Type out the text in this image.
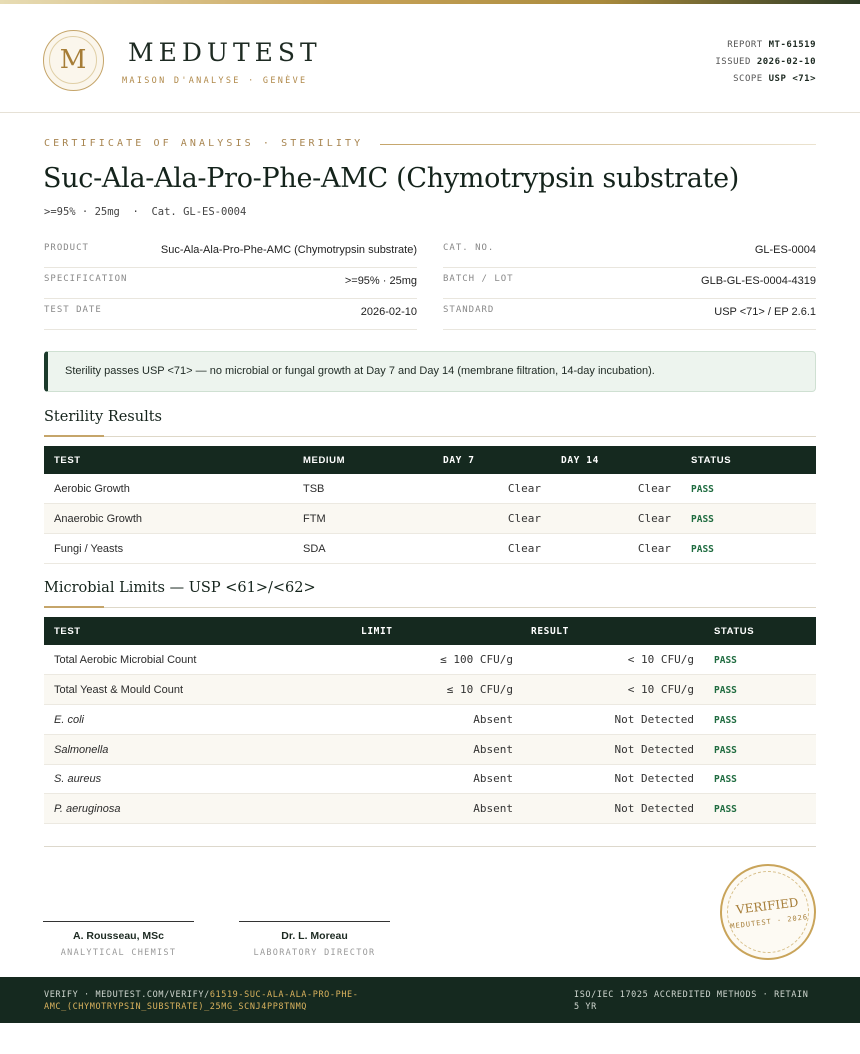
M	MEDUTEST
MAISON D'ANALYSE · GENÈVE
REPORT MT-61519
ISSUED 2026-02-10
SCOPE USP <71>
CERTIFICATE OF ANALYSIS · STERILITY
Suc-Ala-Ala-Pro-Phe-AMC (Chymotrypsin substrate)
>=95% · 25mg  ·  Cat. GL-ES-0004
PRODUCT	Suc-Ala-Ala-Pro-Phe-AMC (Chymotrypsin substrate)
SPECIFICATION	>=95% · 25mg
TEST DATE	2026-02-10
CAT. NO.	GL-ES-0004
BATCH / LOT	GLB-GL-ES-0004-4319
STANDARD	USP <71> / EP 2.6.1
Sterility passes USP <71> — no microbial or fungal growth at Day 7 and Day 14 (membrane filtration, 14-day incubation).
Sterility Results
TEST	MEDIUM	DAY 7	DAY 14	STATUS
Aerobic Growth	TSB	Clear	Clear PASS
Anaerobic Growth	FTM	Clear	Clear PASS
Fungi / Yeasts	SDA	Clear	Clear PASS
Microbial Limits — USP <61>/<62>
TEST	LIMIT	RESULT	STATUS
Total Aerobic Microbial Count	≤ 100 CFU/g	< 10 CFU/g PASS
Total Yeast & Mould Count	≤ 10 CFU/g	< 10 CFU/g PASS
E. coli	Absent	Not Detected PASS
Salmonella	Absent	Not Detected PASS
S. aureus	Absent	Not Detected PASS
P. aeruginosa	Absent	Not Detected PASS
A. Rousseau, MSc
ANALYTICAL CHEMIST
Dr. L. Moreau
LABORATORY DIRECTOR
VERIFIED
MEDUTEST · 2026
VERIFY · MEDUTEST.COM/VERIFY/61519-SUC-ALA-ALA-PRO-PHE-AMC_(CHYMOTRYPSIN_SUBSTRATE)_25MG_SCNJ4PP8TNMQ
ISO/IEC 17025 ACCREDITED METHODS · RETAIN 5 YR
